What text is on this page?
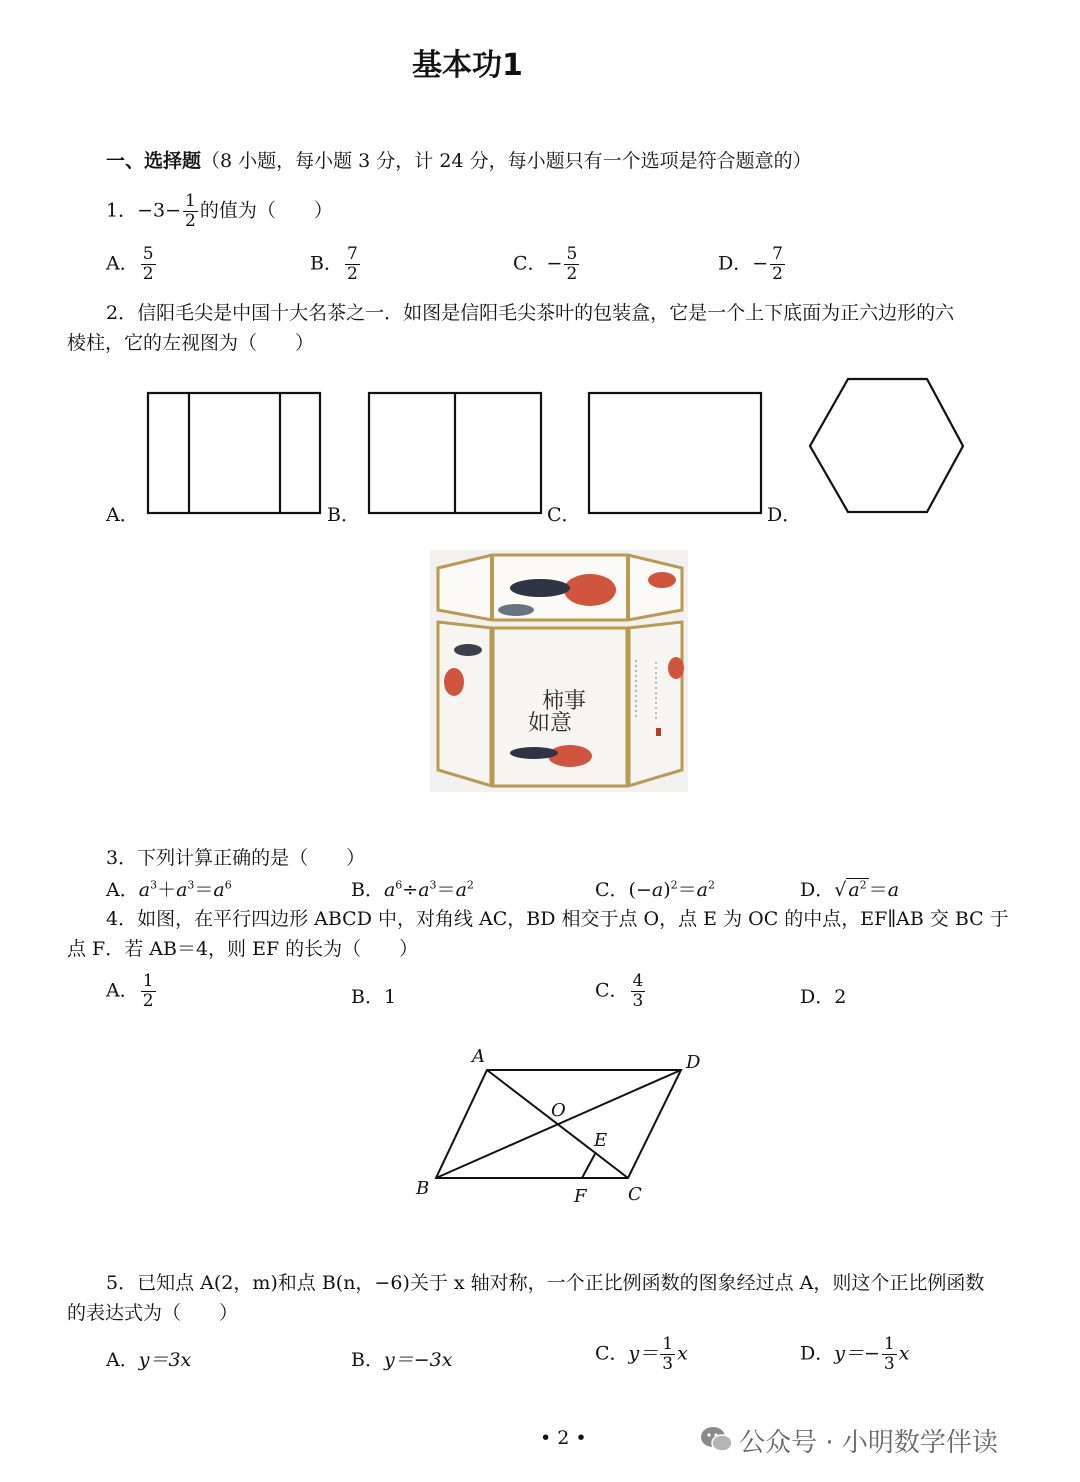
基本功1
一、选择题（8 小题，每小题 3 分，计 24 分，每小题只有一个选项是符合题意的）
1．$-3- \frac{1}{2}$ 的值为（　　）
A． $\frac{5}{2}$	B． $\frac{7}{2}$	C．− $\frac{5}{2}$	D．− $\frac{7}{2}$
2．信阳毛尖是中国十大名茶之一．如图是信阳毛尖茶叶的包装盒，它是一个上下底面为正六边形的六
棱柱，它的左视图为（　　）
A．	B．	C．	D．
柿事
如意
3．下列计算正确的是（　　）
A．$a^3+a^3=a^6$	B．$a^6\div a^3=a^2$	C．$(-a)^2=a^2$	D．√ $a^2 =a$
4．如图，在平行四边形 ABCD 中，对角线 AC，BD 相交于点 O，点 E 为 OC 的中点，EF∥AB 交 BC 于
点 F．若 AB＝4，则 EF 的长为（　　）
A． $\frac{1}{2}$	B．1	C． $\frac{4}{3}$	D．2
A	D
O
E
B	F C
5．已知点 A(2，m)和点 B(n，−6)关于 x 轴对称，一个正比例函数的图象经过点 A，则这个正比例函数
的表达式为（　　）
A．y＝3x	B．y＝−3x	C．$y= \frac{1}{3}$ x	D．$y=- \frac{1}{3}$ x
• 2 •	公众号 · 小明数学伴读
